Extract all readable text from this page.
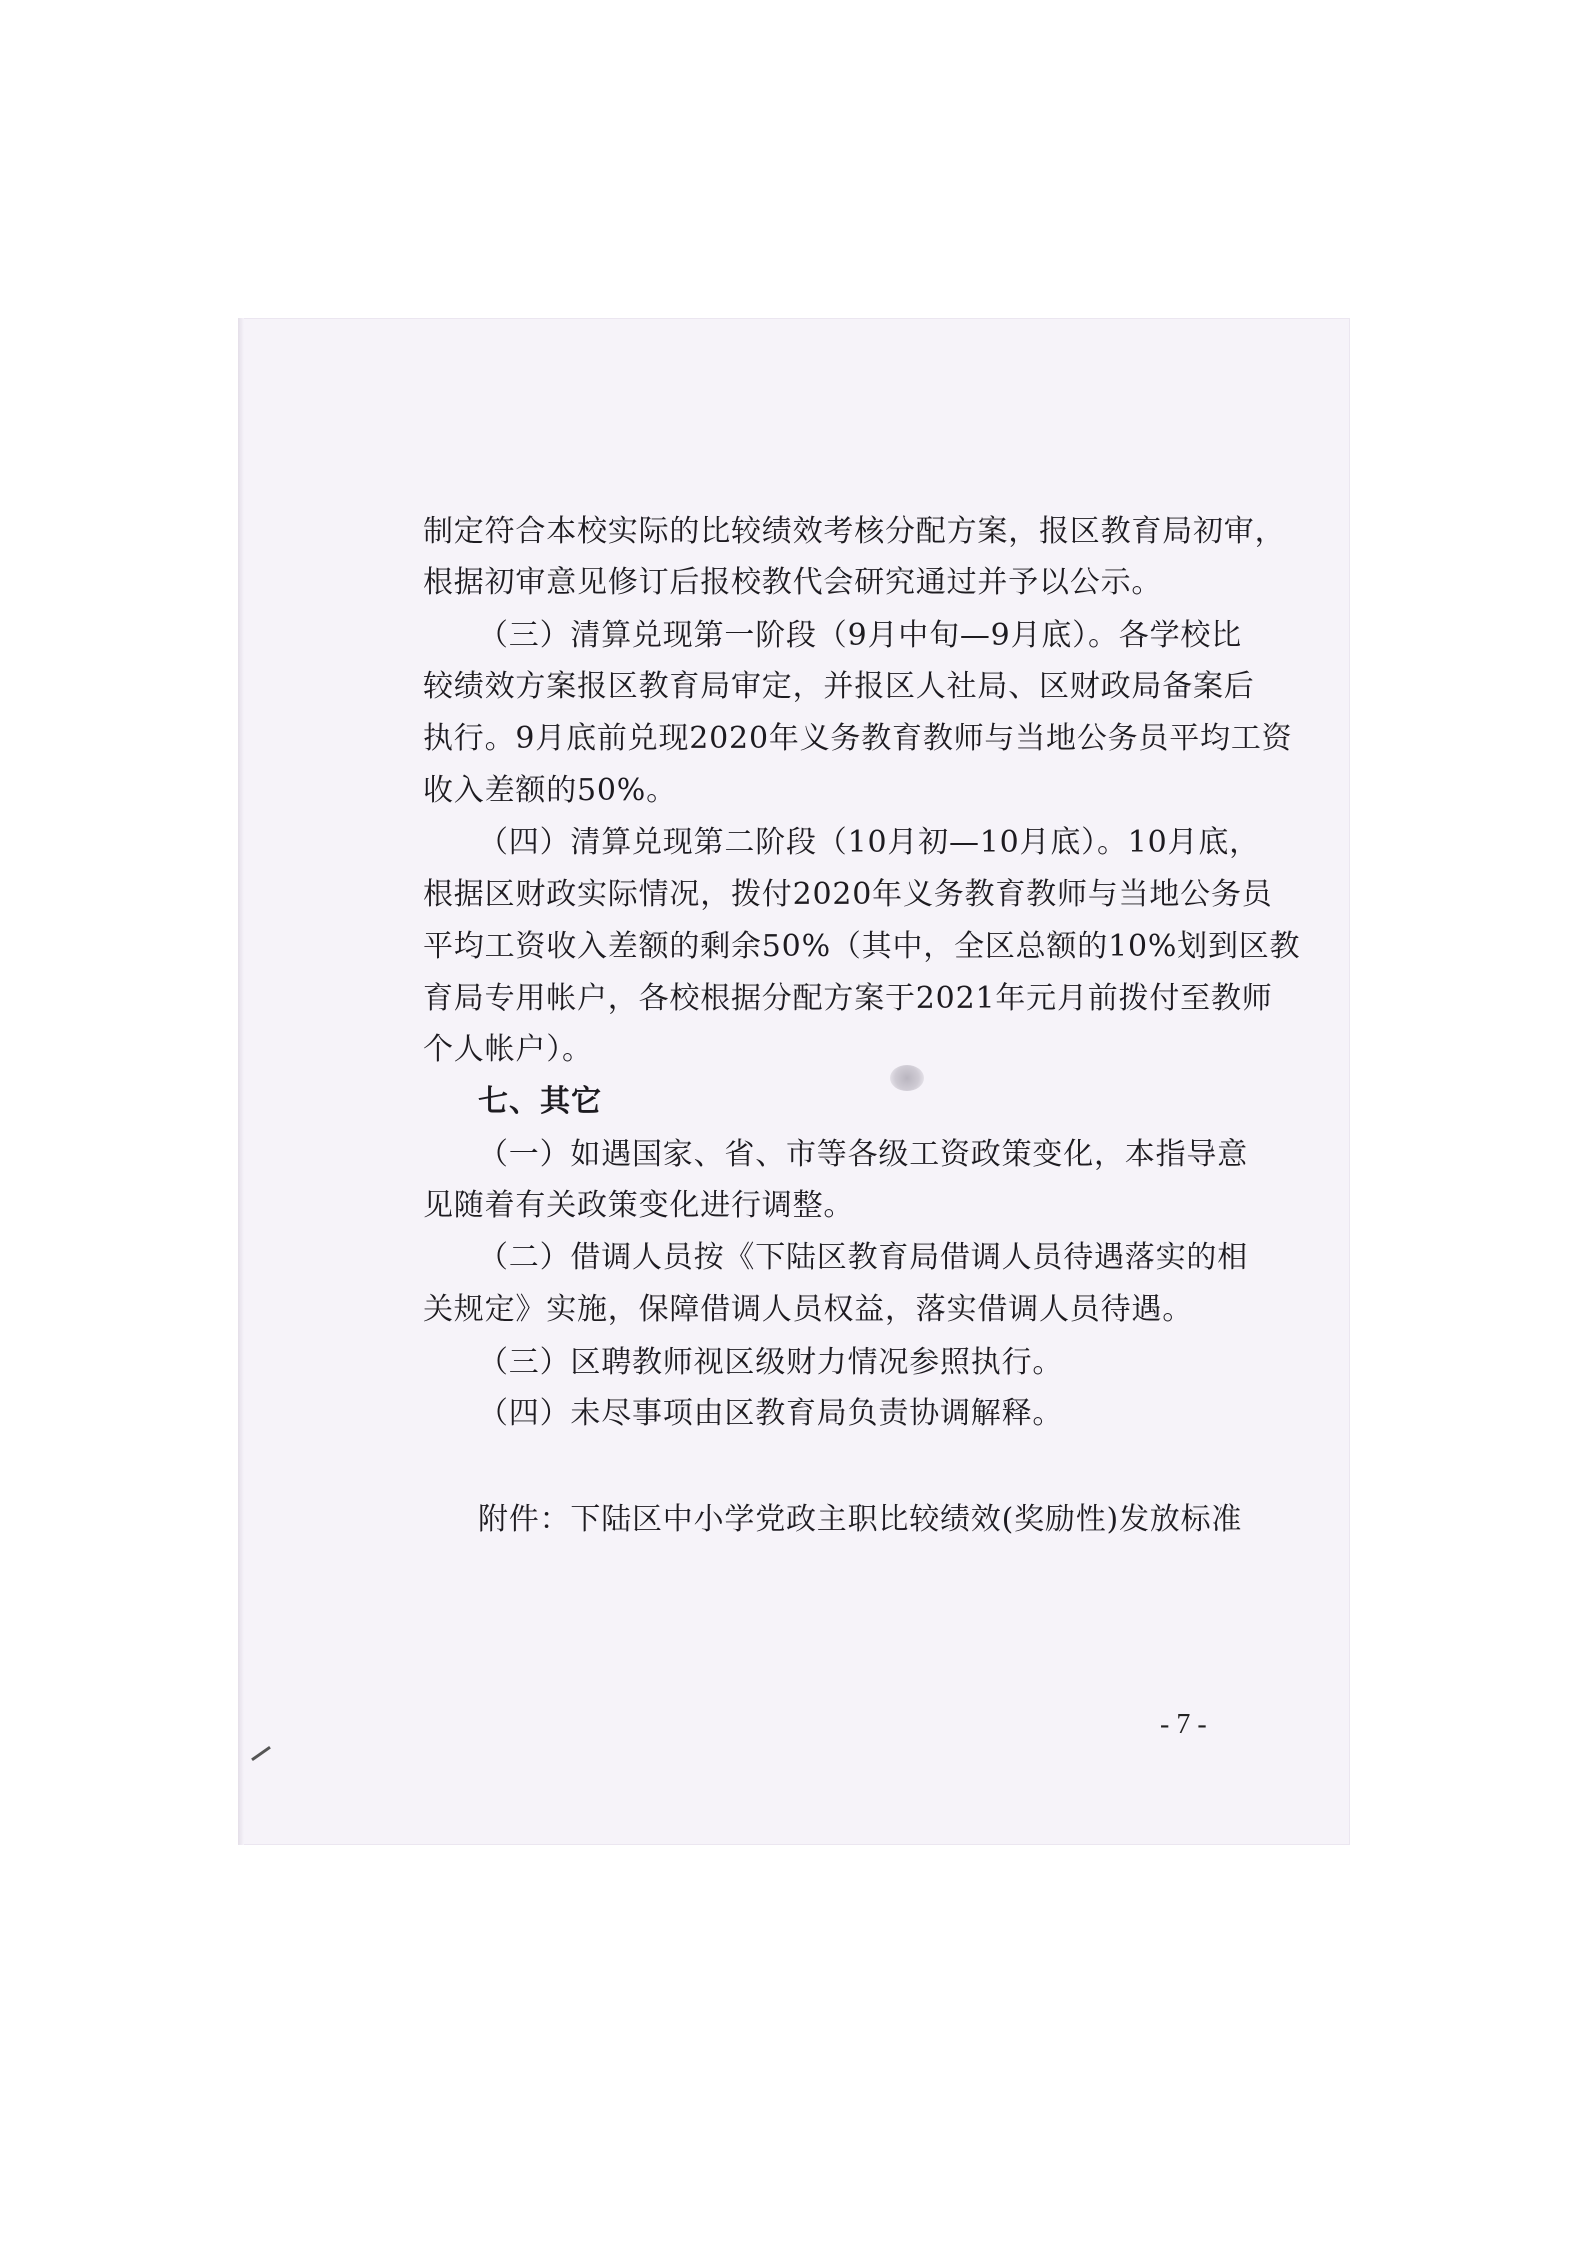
制定符合本校实际的比较绩效考核分配方案，报区教育局初审，

根据初审意见修订后报校教代会研究通过并予以公示。

（三）清算兑现第一阶段（9月中旬—9月底）。各学校比

较绩效方案报区教育局审定，并报区人社局、区财政局备案后

执行。9月底前兑现2020年义务教育教师与当地公务员平均工资

收入差额的50%。

（四）清算兑现第二阶段（10月初—10月底）。10月底，

根据区财政实际情况，拨付2020年义务教育教师与当地公务员

平均工资收入差额的剩余50%（其中，全区总额的10%划到区教

育局专用帐户，各校根据分配方案于2021年元月前拨付至教师

个人帐户）。

七、其它

（一）如遇国家、省、市等各级工资政策变化，本指导意

见随着有关政策变化进行调整。

（二）借调人员按《下陆区教育局借调人员待遇落实的相

关规定》实施，保障借调人员权益，落实借调人员待遇。

（三）区聘教师视区级财力情况参照执行。

（四）未尽事项由区教育局负责协调解释。

附件：下陆区中小学党政主职比较绩效(奖励性)发放标准

- 7 -
